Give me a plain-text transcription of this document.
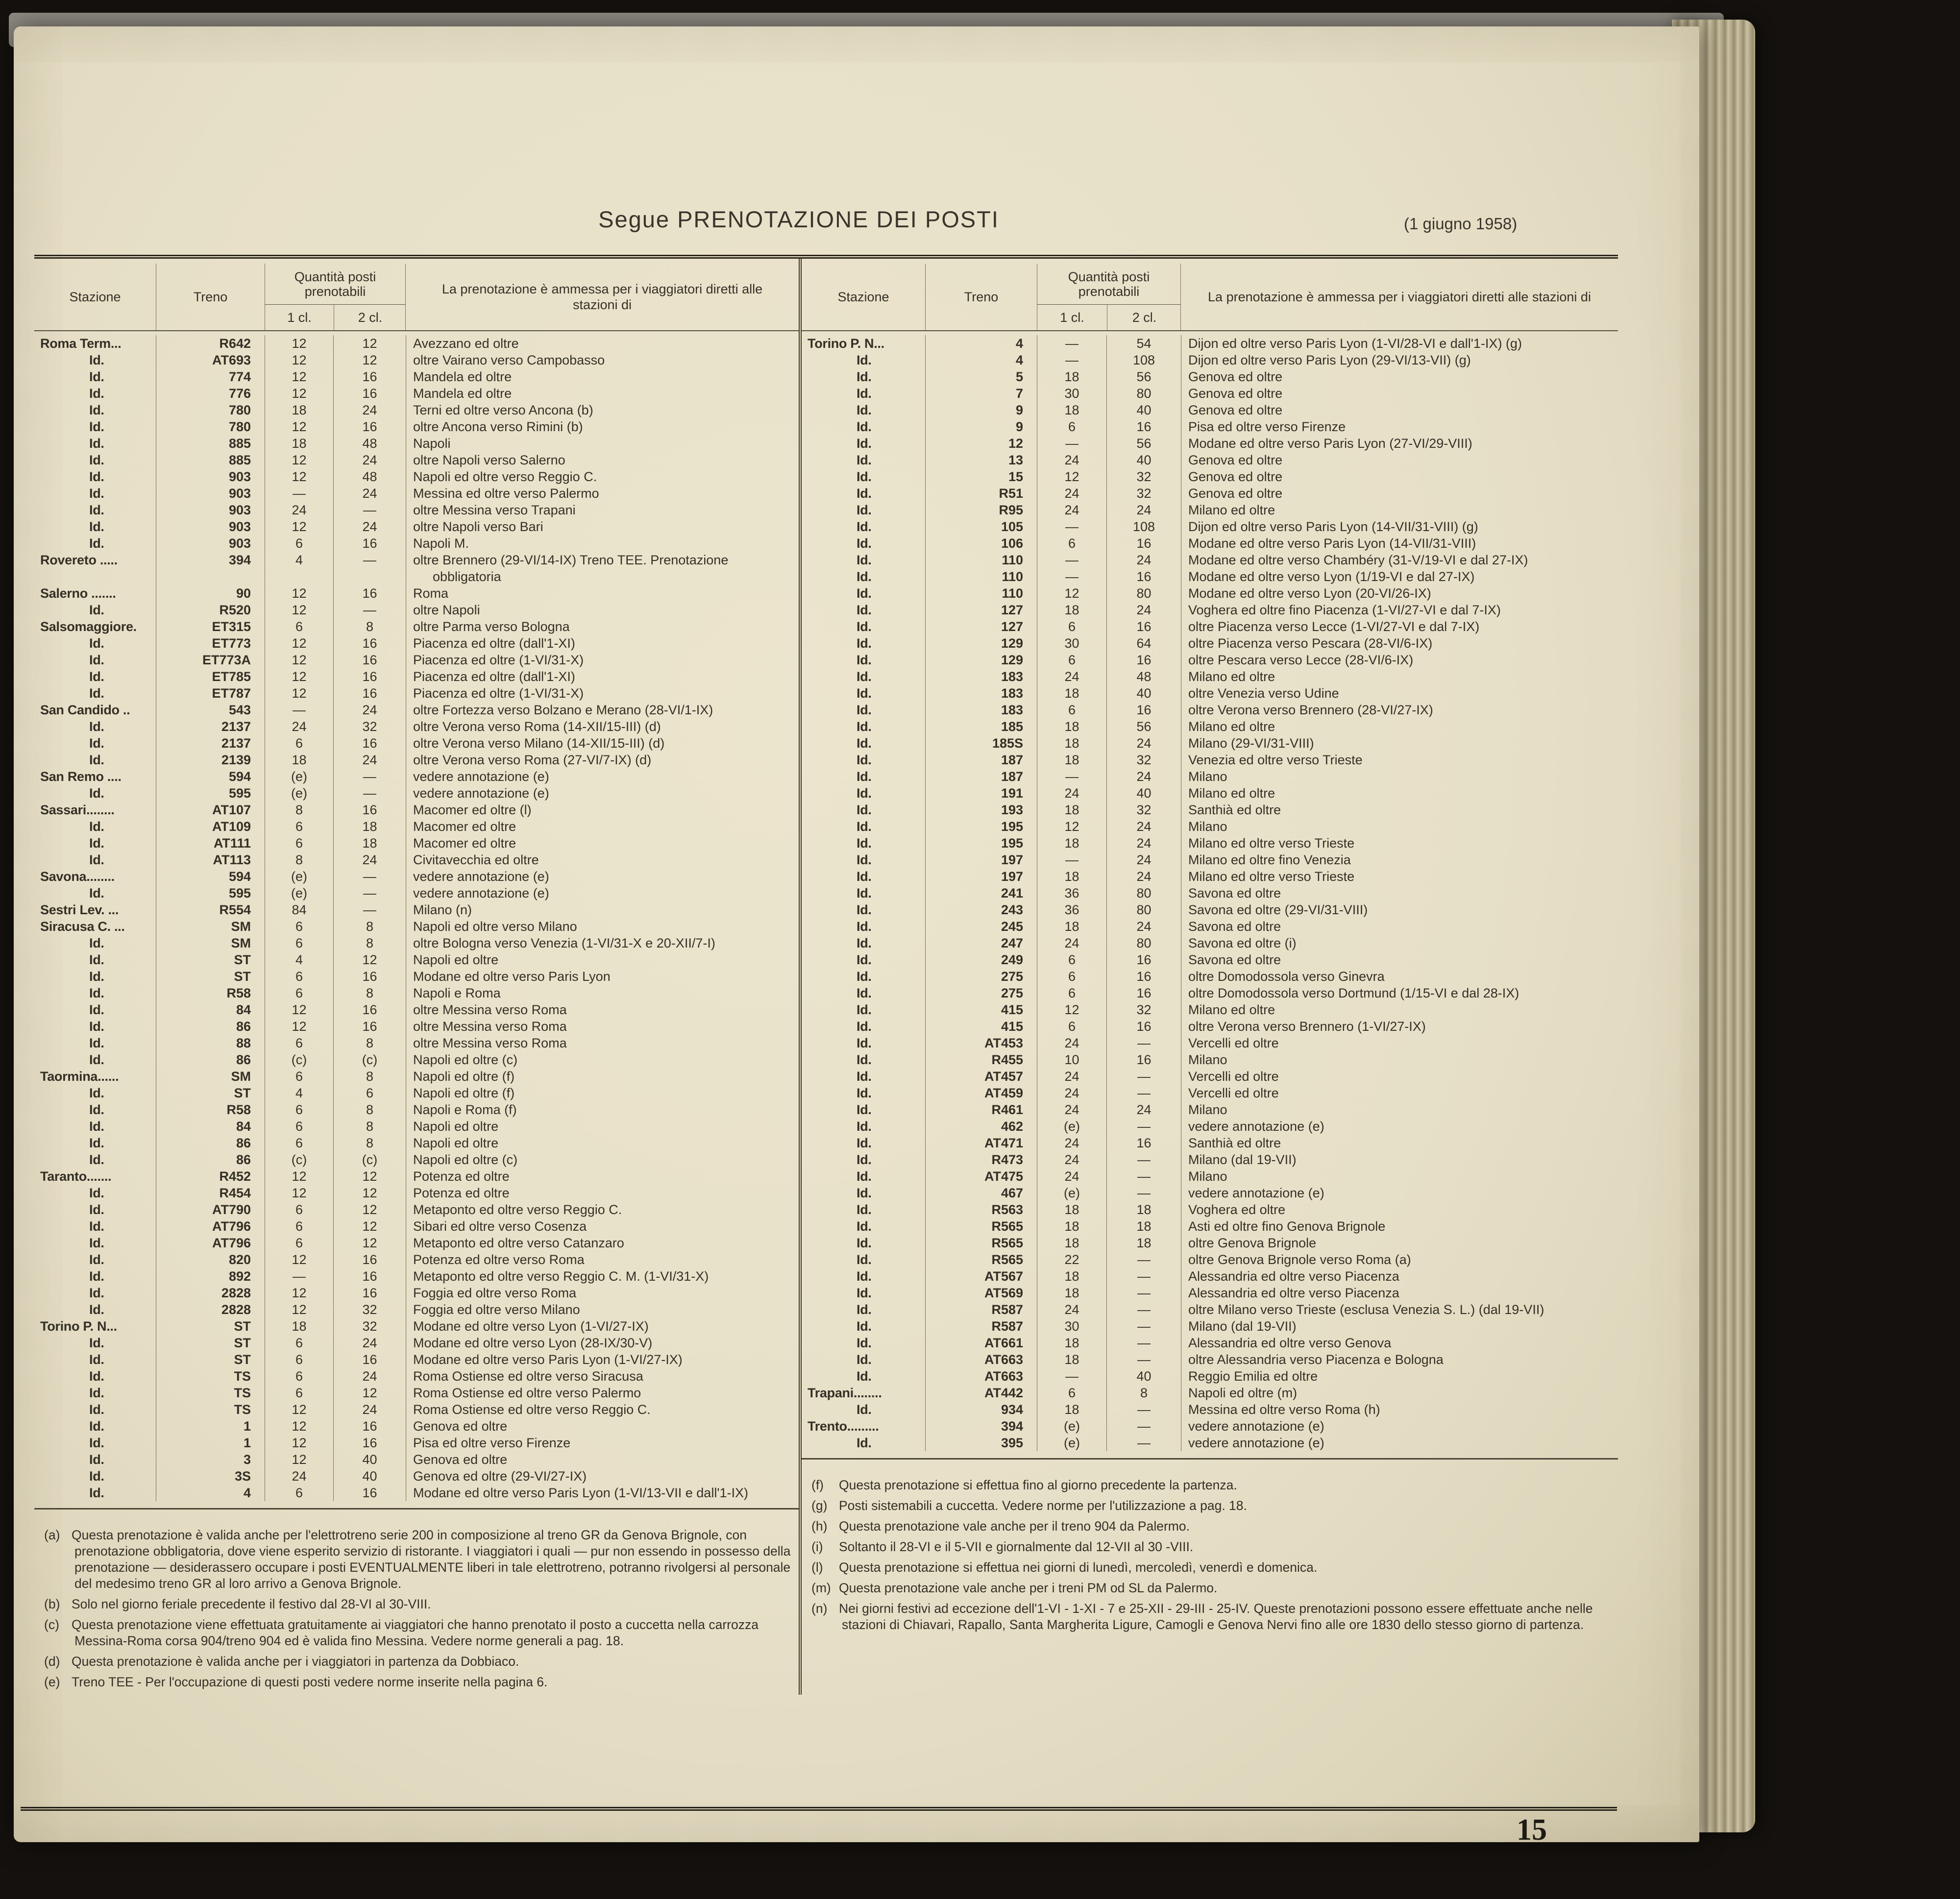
Segue PRENOTAZIONE DEI POSTI	(1 giugno 1958)
Stazione	Treno
Quantità posti prenotabili
1 cl.	2 cl.
La prenotazione è ammessa per i viaggiatori diretti alle stazioni di
Roma Term...	R642	12	12	Avezzano ed oltre
Id.	AT693	12	12	oltre Vairano verso Campobasso
Id.	774	12	16	Mandela ed oltre
Id.	776	12	16	Mandela ed oltre
Id.	780	18	24	Terni ed oltre verso Ancona (b)
Id.	780	12	16	oltre Ancona verso Rimini (b)
Id.	885	18	48	Napoli
Id.	885	12	24	oltre Napoli verso Salerno
Id.	903	12	48	Napoli ed oltre verso Reggio C.
Id.	903	—	24	Messina ed oltre verso Palermo
Id.	903	24	—	oltre Messina verso Trapani
Id.	903	12	24	oltre Napoli verso Bari
Id.	903	6	16	Napoli M.
Rovereto .....	394	4	—	oltre Brennero (29-VI/14-IX) Treno TEE. Prenotazione obbligatoria
Salerno .......	90	12	16	Roma
Id.	R520	12	—	oltre Napoli
Salsomaggiore.	ET315	6	8	oltre Parma verso Bologna
Id.	ET773	12	16	Piacenza ed oltre (dall'1-XI)
Id.	ET773A	12	16	Piacenza ed oltre (1-VI/31-X)
Id.	ET785	12	16	Piacenza ed oltre (dall'1-XI)
Id.	ET787	12	16	Piacenza ed oltre (1-VI/31-X)
San Candido ..	543	—	24	oltre Fortezza verso Bolzano e Merano (28-VI/1-IX)
Id.	2137	24	32	oltre Verona verso Roma (14-XII/15-III) (d)
Id.	2137	6	16	oltre Verona verso Milano (14-XII/15-III) (d)
Id.	2139	18	24	oltre Verona verso Roma (27-VI/7-IX) (d)
San Remo ....	594	(e)	—	vedere annotazione (e)
Id.	595	(e)	—	vedere annotazione (e)
Sassari........	AT107	8	16	Macomer ed oltre (l)
Id.	AT109	6	18	Macomer ed oltre
Id.	AT111	6	18	Macomer ed oltre
Id.	AT113	8	24	Civitavecchia ed oltre
Savona........	594	(e)	—	vedere annotazione (e)
Id.	595	(e)	—	vedere annotazione (e)
Sestri Lev. ...	R554	84	—	Milano (n)
Siracusa C. ...	SM	6	8	Napoli ed oltre verso Milano
Id.	SM	6	8	oltre Bologna verso Venezia (1-VI/31-X e 20-XII/7-I)
Id.	ST	4	12	Napoli ed oltre
Id.	ST	6	16	Modane ed oltre verso Paris Lyon
Id.	R58	6	8	Napoli e Roma
Id.	84	12	16	oltre Messina verso Roma
Id.	86	12	16	oltre Messina verso Roma
Id.	88	6	8	oltre Messina verso Roma
Id.	86	(c)	(c)	Napoli ed oltre (c)
Taormina......	SM	6	8	Napoli ed oltre (f)
Id.	ST	4	6	Napoli ed oltre (f)
Id.	R58	6	8	Napoli e Roma (f)
Id.	84	6	8	Napoli ed oltre
Id.	86	6	8	Napoli ed oltre
Id.	86	(c)	(c)	Napoli ed oltre (c)
Taranto.......	R452	12	12	Potenza ed oltre
Id.	R454	12	12	Potenza ed oltre
Id.	AT790	6	12	Metaponto ed oltre verso Reggio C.
Id.	AT796	6	12	Sibari ed oltre verso Cosenza
Id.	AT796	6	12	Metaponto ed oltre verso Catanzaro
Id.	820	12	16	Potenza ed oltre verso Roma
Id.	892	—	16	Metaponto ed oltre verso Reggio C. M. (1-VI/31-X)
Id.	2828	12	16	Foggia ed oltre verso Roma
Id.	2828	12	32	Foggia ed oltre verso Milano
Torino P. N...	ST	18	32	Modane ed oltre verso Lyon (1-VI/27-IX)
Id.	ST	6	24	Modane ed oltre verso Lyon (28-IX/30-V)
Id.	ST	6	16	Modane ed oltre verso Paris Lyon (1-VI/27-IX)
Id.	TS	6	24	Roma Ostiense ed oltre verso Siracusa
Id.	TS	6	12	Roma Ostiense ed oltre verso Palermo
Id.	TS	12	24	Roma Ostiense ed oltre verso Reggio C.
Id.	1	12	16	Genova ed oltre
Id.	1	12	16	Pisa ed oltre verso Firenze
Id.	3	12	40	Genova ed oltre
Id.	3S	24	40	Genova ed oltre (29-VI/27-IX)
Id.	4	6	16	Modane ed oltre verso Paris Lyon (1-VI/13-VII e dall'1-IX)
(a) Questa prenotazione è valida anche per l'elettrotreno serie 200 in composizione al treno GR da Genova Brignole, con prenotazione obbligatoria, dove viene esperito servizio di ristorante. I viaggiatori i quali — pur non essendo in possesso della prenotazione — desiderassero occupare i posti EVENTUALMENTE liberi in tale elettrotreno, potranno rivolgersi al personale del medesimo treno GR al loro arrivo a Genova Brignole.
(b) Solo nel giorno feriale precedente il festivo dal 28-VI al 30-VIII.
(c) Questa prenotazione viene effettuata gratuitamente ai viaggiatori che hanno prenotato il posto a cuccetta nella carrozza Messina-Roma corsa 904/treno 904 ed è valida fino Messina. Vedere norme generali a pag. 18.
(d) Questa prenotazione è valida anche per i viaggiatori in partenza da Dobbiaco.
(e) Treno TEE - Per l'occupazione di questi posti vedere norme inserite nella pagina 6.
Stazione	Treno
Quantità posti prenotabili
1 cl.	2 cl.
La prenotazione è ammessa per i viaggiatori diretti alle stazioni di
Torino P. N...	4	—	54	Dijon ed oltre verso Paris Lyon (1-VI/28-VI e dall'1-IX) (g)
Id.	4	—	108	Dijon ed oltre verso Paris Lyon (29-VI/13-VII) (g)
Id.	5	18	56	Genova ed oltre
Id.	7	30	80	Genova ed oltre
Id.	9	18	40	Genova ed oltre
Id.	9	6	16	Pisa ed oltre verso Firenze
Id.	12	—	56	Modane ed oltre verso Paris Lyon (27-VI/29-VIII)
Id.	13	24	40	Genova ed oltre
Id.	15	12	32	Genova ed oltre
Id.	R51	24	32	Genova ed oltre
Id.	R95	24	24	Milano ed oltre
Id.	105	—	108	Dijon ed oltre verso Paris Lyon (14-VII/31-VIII) (g)
Id.	106	6	16	Modane ed oltre verso Paris Lyon (14-VII/31-VIII)
Id.	110	—	24	Modane ed oltre verso Chambéry (31-V/19-VI e dal 27-IX)
Id.	110	—	16	Modane ed oltre verso Lyon (1/19-VI e dal 27-IX)
Id.	110	12	80	Modane ed oltre verso Lyon (20-VI/26-IX)
Id.	127	18	24	Voghera ed oltre fino Piacenza (1-VI/27-VI e dal 7-IX)
Id.	127	6	16	oltre Piacenza verso Lecce (1-VI/27-VI e dal 7-IX)
Id.	129	30	64	oltre Piacenza verso Pescara (28-VI/6-IX)
Id.	129	6	16	oltre Pescara verso Lecce (28-VI/6-IX)
Id.	183	24	48	Milano ed oltre
Id.	183	18	40	oltre Venezia verso Udine
Id.	183	6	16	oltre Verona verso Brennero (28-VI/27-IX)
Id.	185	18	56	Milano ed oltre
Id.	185S	18	24	Milano (29-VI/31-VIII)
Id.	187	18	32	Venezia ed oltre verso Trieste
Id.	187	—	24	Milano
Id.	191	24	40	Milano ed oltre
Id.	193	18	32	Santhià ed oltre
Id.	195	12	24	Milano
Id.	195	18	24	Milano ed oltre verso Trieste
Id.	197	—	24	Milano ed oltre fino Venezia
Id.	197	18	24	Milano ed oltre verso Trieste
Id.	241	36	80	Savona ed oltre
Id.	243	36	80	Savona ed oltre (29-VI/31-VIII)
Id.	245	18	24	Savona ed oltre
Id.	247	24	80	Savona ed oltre (i)
Id.	249	6	16	Savona ed oltre
Id.	275	6	16	oltre Domodossola verso Ginevra
Id.	275	6	16	oltre Domodossola verso Dortmund (1/15-VI e dal 28-IX)
Id.	415	12	32	Milano ed oltre
Id.	415	6	16	oltre Verona verso Brennero (1-VI/27-IX)
Id.	AT453	24	—	Vercelli ed oltre
Id.	R455	10	16	Milano
Id.	AT457	24	—	Vercelli ed oltre
Id.	AT459	24	—	Vercelli ed oltre
Id.	R461	24	24	Milano
Id.	462	(e)	—	vedere annotazione (e)
Id.	AT471	24	16	Santhià ed oltre
Id.	R473	24	—	Milano (dal 19-VII)
Id.	AT475	24	—	Milano
Id.	467	(e)	—	vedere annotazione (e)
Id.	R563	18	18	Voghera ed oltre
Id.	R565	18	18	Asti ed oltre fino Genova Brignole
Id.	R565	18	18	oltre Genova Brignole
Id.	R565	22	—	oltre Genova Brignole verso Roma (a)
Id.	AT567	18	—	Alessandria ed oltre verso Piacenza
Id.	AT569	18	—	Alessandria ed oltre verso Piacenza
Id.	R587	24	—	oltre Milano verso Trieste (esclusa Venezia S. L.) (dal 19-VII)
Id.	R587	30	—	Milano (dal 19-VII)
Id.	AT661	18	—	Alessandria ed oltre verso Genova
Id.	AT663	18	—	oltre Alessandria verso Piacenza e Bologna
Id.	AT663	—	40	Reggio Emilia ed oltre
Trapani........	AT442	6	8	Napoli ed oltre (m)
Id.	934	18	—	Messina ed oltre verso Roma (h)
Trento.........	394	(e)	—	vedere annotazione (e)
Id.	395	(e)	—	vedere annotazione (e)
(f) Questa prenotazione si effettua fino al giorno precedente la partenza.
(g) Posti sistemabili a cuccetta. Vedere norme per l'utilizzazione a pag. 18.
(h) Questa prenotazione vale anche per il treno 904 da Palermo.
(i) Soltanto il 28-VI e il 5-VII e giornalmente dal 12-VII al 30 -VIII.
(l) Questa prenotazione si effettua nei giorni di lunedì, mercoledì, venerdì e domenica.
(m) Questa prenotazione vale anche per i treni PM od SL da Palermo.
(n) Nei giorni festivi ad eccezione dell'1-VI - 1-XI - 7 e 25-XII - 29-III - 25-IV. Queste prenotazioni possono essere effettuate anche nelle stazioni di Chiavari, Rapallo, Santa Margherita Ligure, Camogli e Genova Nervi fino alle ore 1830 dello stesso giorno di partenza.
15
